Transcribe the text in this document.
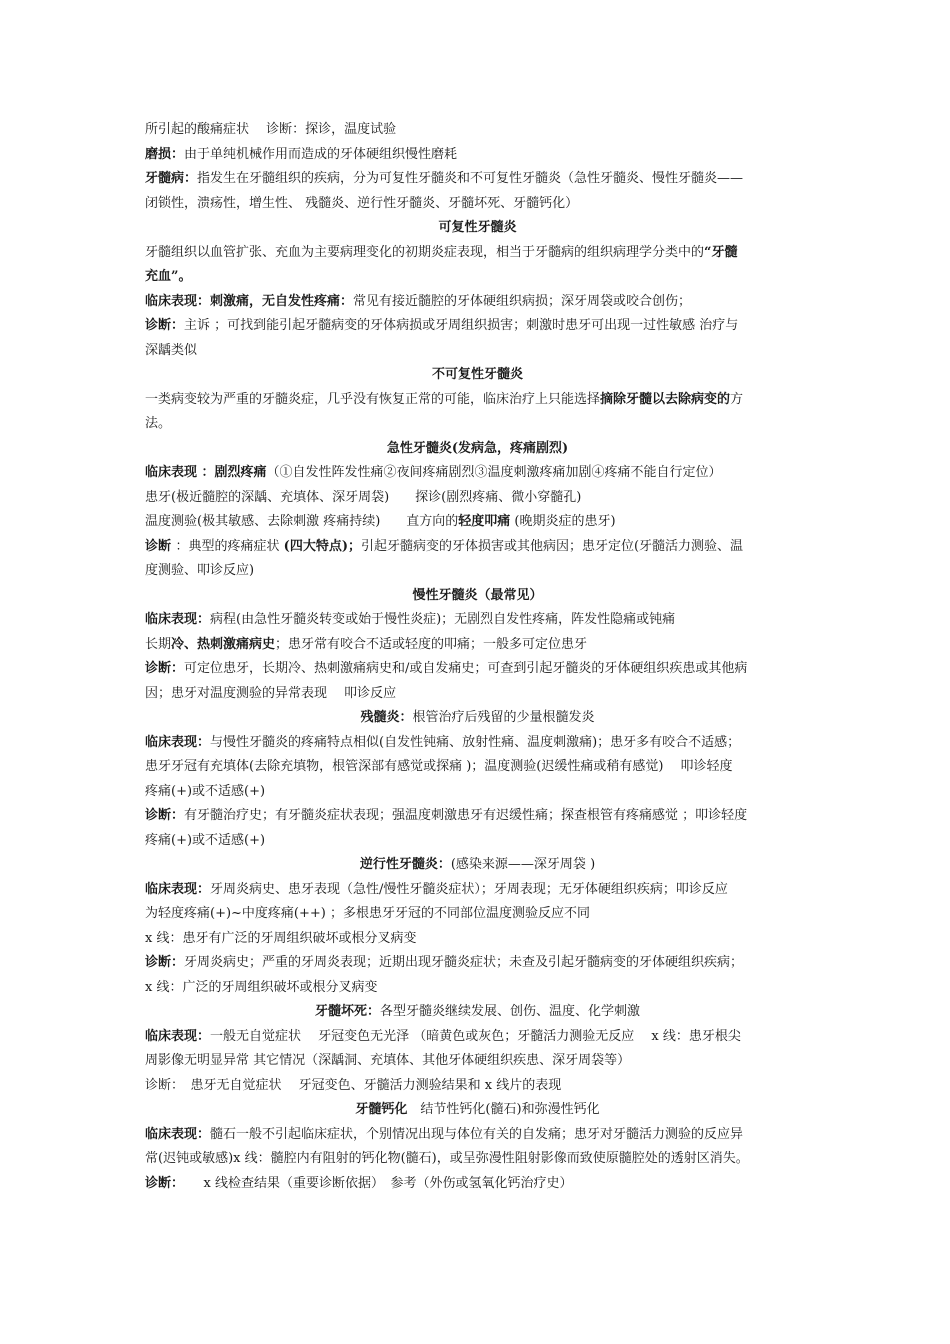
所引起的酸痛症状　 诊断：探诊，温度试验
磨损：由于单纯机械作用而造成的牙体硬组织慢性磨耗
牙髓病：指发生在牙髓组织的疾病，分为可复性牙髓炎和不可复性牙髓炎（急性牙髓炎、慢性牙髓炎——
闭锁性，溃疡性，增生性、 残髓炎、逆行性牙髓炎、牙髓坏死、牙髓钙化）
可复性牙髓炎
牙髓组织以血管扩张、充血为主要病理变化的初期炎症表现，相当于牙髓病的组织病理学分类中的“牙髓
充血”。
临床表现：刺激痛，无自发性疼痛：常见有接近髓腔的牙体硬组织病损；深牙周袋或咬合创伤；
诊断：主诉 ；可找到能引起牙髓病变的牙体病损或牙周组织损害；刺激时患牙可出现一过性敏感 治疗与
深龋类似
不可复性牙髓炎
一类病变较为严重的牙髓炎症，几乎没有恢复正常的可能，临床治疗上只能选择摘除牙髓以去除病变的方
法。
急性牙髓炎(发病急，疼痛剧烈)
临床表现 ：剧烈疼痛（①自发性阵发性痛②夜间疼痛剧烈③温度刺激疼痛加剧④疼痛不能自行定位）
患牙(极近髓腔的深龋、充填体、深牙周袋)　　探诊(剧烈疼痛、微小穿髓孔)
温度测验(极其敏感、去除刺激 疼痛持续)　　直方向的轻度叩痛 (晚期炎症的患牙)
诊断 ：典型的疼痛症状 (四大特点)；引起牙髓病变的牙体损害或其他病因；患牙定位(牙髓活力测验、温
度测验、叩诊反应)
慢性牙髓炎（最常见）
临床表现：病程(由急性牙髓炎转变或始于慢性炎症)；无剧烈自发性疼痛，阵发性隐痛或钝痛
长期冷、热刺激痛病史；患牙常有咬合不适或轻度的叩痛；一般多可定位患牙
诊断：可定位患牙，长期冷、热刺激痛病史和/或自发痛史；可查到引起牙髓炎的牙体硬组织疾患或其他病
因；患牙对温度测验的异常表现　 叩诊反应
残髓炎：根管治疗后残留的少量根髓发炎
临床表现：与慢性牙髓炎的疼痛特点相似(自发性钝痛、放射性痛、温度刺激痛)；患牙多有咬合不适感；
患牙牙冠有充填体(去除充填物，根管深部有感觉或探痛 )；温度测验(迟缓性痛或稍有感觉)　 叩诊轻度
疼痛(+)或不适感(+)
诊断：有牙髓治疗史；有牙髓炎症状表现；强温度刺激患牙有迟缓性痛；探查根管有疼痛感觉 ；叩诊轻度
疼痛(+)或不适感(+)
逆行性牙髓炎：(感染来源——深牙周袋 )
临床表现：牙周炎病史、患牙表现（急性/慢性牙髓炎症状）；牙周表现；无牙体硬组织疾病；叩诊反应
为轻度疼痛(+)~中度疼痛(++) ；多根患牙牙冠的不同部位温度测验反应不同
x 线：患牙有广泛的牙周组织破坏或根分叉病变
诊断：牙周炎病史；严重的牙周炎表现；近期出现牙髓炎症状；未查及引起牙髓病变的牙体硬组织疾病；
x 线：广泛的牙周组织破坏或根分叉病变
牙髓坏死：各型牙髓炎继续发展、创伤、温度、化学刺激
临床表现：一般无自觉症状　 牙冠变色无光泽 （暗黄色或灰色；牙髓活力测验无反应　 x 线：患牙根尖
周影像无明显异常 其它情况（深龋洞、充填体、其他牙体硬组织疾患、深牙周袋等）
诊断：　患牙无自觉症状　 牙冠变色、牙髓活力测验结果和 x 线片的表现
牙髓钙化　结节性钙化(髓石)和弥漫性钙化
临床表现：髓石一般不引起临床症状，个别情况出现与体位有关的自发痛；患牙对牙髓活力测验的反应异
常(迟钝或敏感)x 线：髓腔内有阻射的钙化物(髓石)，或呈弥漫性阻射影像而致使原髓腔处的透射区消失。
诊断：　　x 线检查结果（重要诊断依据）　参考（外伤或氢氧化钙治疗史）
